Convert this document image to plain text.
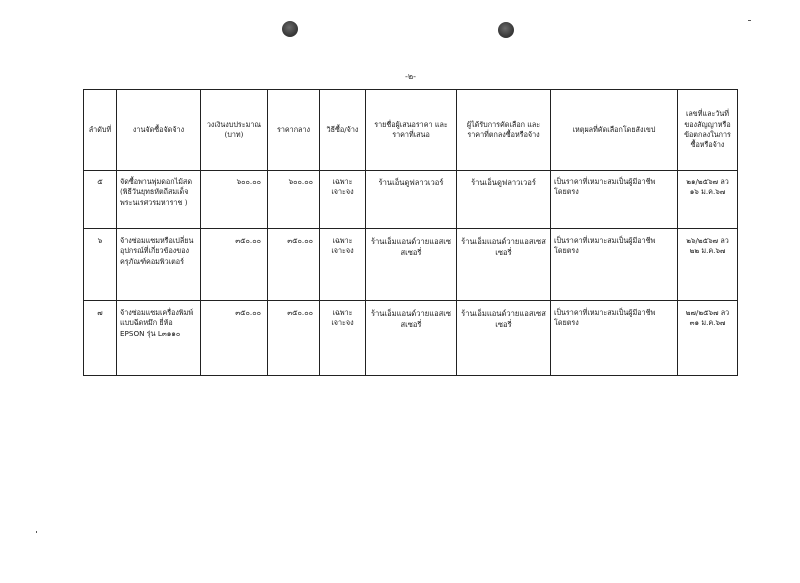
-๒-
ลำดับที่	งานจัดซื้อจัดจ้าง	วงเงินงบประมาณ (บาท)	ราคากลาง	วิธีซื้อ/จ้าง	รายชื่อผู้เสนอราคา และราคาที่เสนอ	ผู้ได้รับการคัดเลือก และราคาที่ตกลงซื้อหรือจ้าง	เหตุผลที่คัดเลือกโดยสังเขป	เลขที่และวันที่ของสัญญาหรือข้อตกลงในการซื้อหรือจ้าง
๕	จัดซื้อพานพุ่มดอกไม้สด (พิธีวันยุทธหัตถีสมเด็จพระนเรศวรมหาราช )	๖๐๐.๐๐	๖๐๐.๐๐	เฉพาะเจาะจง	ร้านเอ็นดูฟลาวเวอร์	ร้านเอ็นดูฟลาวเวอร์	เป็นราคาที่เหมาะสมเป็นผู้มีอาชีพโดยตรง	๒๑/๒๕๖๗ ลว ๑๖ ม.ค.๖๗
๖	จ้างซ่อมแซมหรือเปลี่ยนอุปกรณ์ที่เกี่ยวข้องของครุภัณฑ์คอมพิวเตอร์	๓๕๐.๐๐	๓๕๐.๐๐	เฉพาะเจาะจง	ร้านเอ็มแอนด์วายแอสเซสเซอรี่	ร้านเอ็มแอนด์วายแอสเซสเซอรี่	เป็นราคาที่เหมาะสมเป็นผู้มีอาชีพโดยตรง	๒๖/๒๕๖๗ ลว ๒๒ ม.ค.๖๗
๗	จ้างซ่อมแซมเครื่องพิมพ์แบบฉีดหมึก ยี่ห้อ EPSON รุ่น L๓๑๑๐	๓๕๐.๐๐	๓๕๐.๐๐	เฉพาะเจาะจง	ร้านเอ็มแอนด์วายแอสเซสเซอรี่	ร้านเอ็มแอนด์วายแอสเซสเซอรี่	เป็นราคาที่เหมาะสมเป็นผู้มีอาชีพโดยตรง	๒๗/๒๕๖๗ ลว ๓๑ ม.ค.๖๗
